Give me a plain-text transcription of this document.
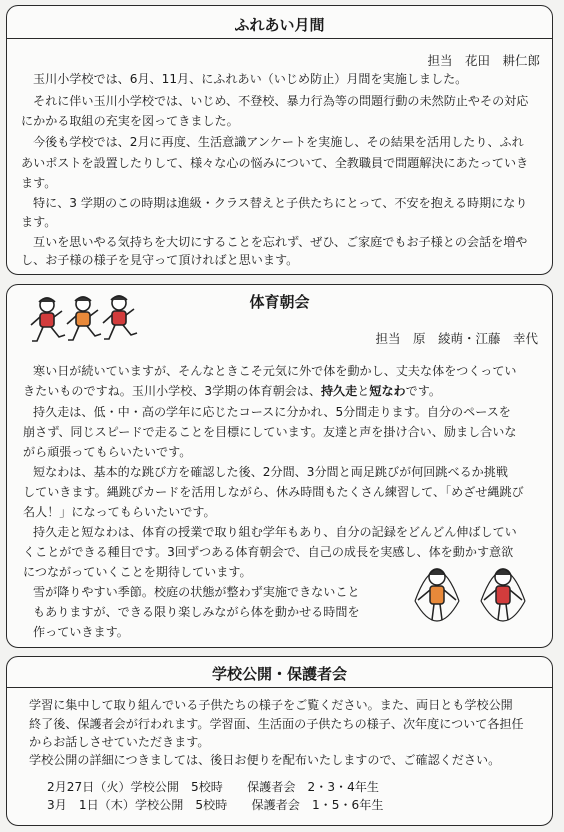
ふれあい月間
担当　花田　耕仁郎
玉川小学校では、6月、11月、にふれあい（いじめ防止）月間を実施しました。
それに伴い玉川小学校では、いじめ、不登校、暴力行為等の問題行動の未然防止やその対応
にかかる取組の充実を図ってきました。
今後も学校では、2月に再度、生活意識アンケートを実施し、その結果を活用したり、ふれ
あいポストを設置したりして、様々な心の悩みについて、全教職員で問題解決にあたっていき
ます。
特に、3 学期のこの時期は進級・クラス替えと子供たちにとって、不安を抱える時期になり
ます。
互いを思いやる気持ちを大切にすることを忘れず、ぜひ、ご家庭でもお子様との会話を増や
し、お子様の様子を見守って頂ければと思います。
体育朝会
担当　原　綾萌・江藤　幸代
寒い日が続いていますが、そんなときこそ元気に外で体を動かし、丈夫な体をつくってい
きたいものですね。玉川小学校、3学期の体育朝会は、持久走と短なわです。
持久走は、低・中・高の学年に応じたコースに分かれ、5分間走ります。自分のペースを
崩さず、同じスピードで走ることを目標にしています。友達と声を掛け合い、励まし合いな
がら頑張ってもらいたいです。
短なわは、基本的な跳び方を確認した後、2分間、3分間と両足跳びが何回跳べるか挑戦
していきます。縄跳びカードを活用しながら、休み時間もたくさん練習して、「めざせ縄跳び
名人！」になってもらいたいです。
持久走と短なわは、体育の授業で取り組む学年もあり、自分の記録をどんどん伸ばしてい
くことができる種目です。3回ずつある体育朝会で、自己の成長を実感し、体を動かす意欲
につながっていくことを期待しています。
雪が降りやすい季節。校庭の状態が整わず実施できないこと
もありますが、できる限り楽しみながら体を動かせる時間を
作っていきます。
学校公開・保護者会
学習に集中して取り組んでいる子供たちの様子をご覧ください。また、両日とも学校公開
終了後、保護者会が行われます。学習面、生活面の子供たちの様子、次年度について各担任
からお話しさせていただきます。
学校公開の詳細につきましては、後日お便りを配布いたしますので、ご確認ください。
2月27日（火）学校公開　5校時　　保護者会　2・3・4年生
3月　1日（木）学校公開　5校時　　保護者会　1・5・6年生
